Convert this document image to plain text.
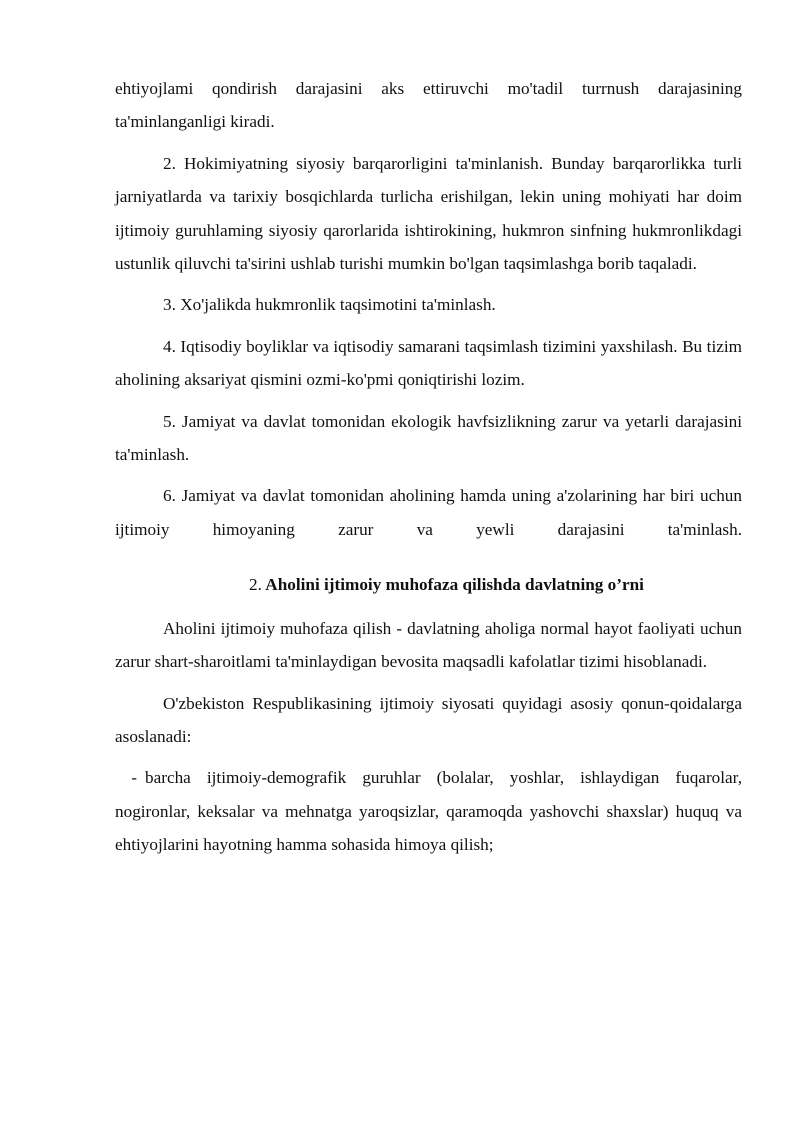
ehtiyojlami qondirish darajasini aks ettiruvchi mo'tadil turrnush darajasining ta'minlanganligi kiradi.

2. Hokimiyatning siyosiy barqarorligini ta'minlanish. Bunday barqarorlikka turli jarniyatlarda va tarixiy bosqichlarda turlicha erishilgan, lekin uning mohiyati har doim ijtimoiy guruhlaming siyosiy qarorlarida ishtirokining, hukmron sinfning hukmronlikdagi ustunlik qiluvchi ta'sirini ushlab turishi mumkin bo'lgan taqsimlashga borib taqaladi.

3. Xo'jalikda hukmronlik taqsimotini ta'minlash.

4. Iqtisodiy boyliklar va iqtisodiy samarani taqsimlash tizimini yaxshilash. Bu tizim aholining aksariyat qismini ozmi-ko'pmi qoniqtirishi lozim.

5. Jamiyat va davlat tomonidan ekologik havfsizlikning zarur va yetarli darajasini ta'minlash.

6. Jamiyat va davlat tomonidan aholining hamda uning a'zolarining har biri uchun ijtimoiy himoyaning zarur va yewli darajasini ta'minlash.

2. Aholini ijtimoiy muhofaza qilishda davlatning o’rni

Aholini ijtimoiy muhofaza qilish - davlatning aholiga normal hayot faoliyati uchun zarur shart-sharoitlami ta'minlaydigan bevosita maqsadli kafolatlar tizimi hisoblanadi.

O'zbekiston Respublikasining ijtimoiy siyosati quyidagi asosiy qonun-qoidalarga asoslanadi:

- barcha ijtimoiy-demografik guruhlar (bolalar, yoshlar, ishlaydigan fuqarolar, nogironlar, keksalar va mehnatga yaroqsizlar, qaramoqda yashovchi shaxslar) huquq va ehtiyojlarini hayotning hamma sohasida himoya qilish;
